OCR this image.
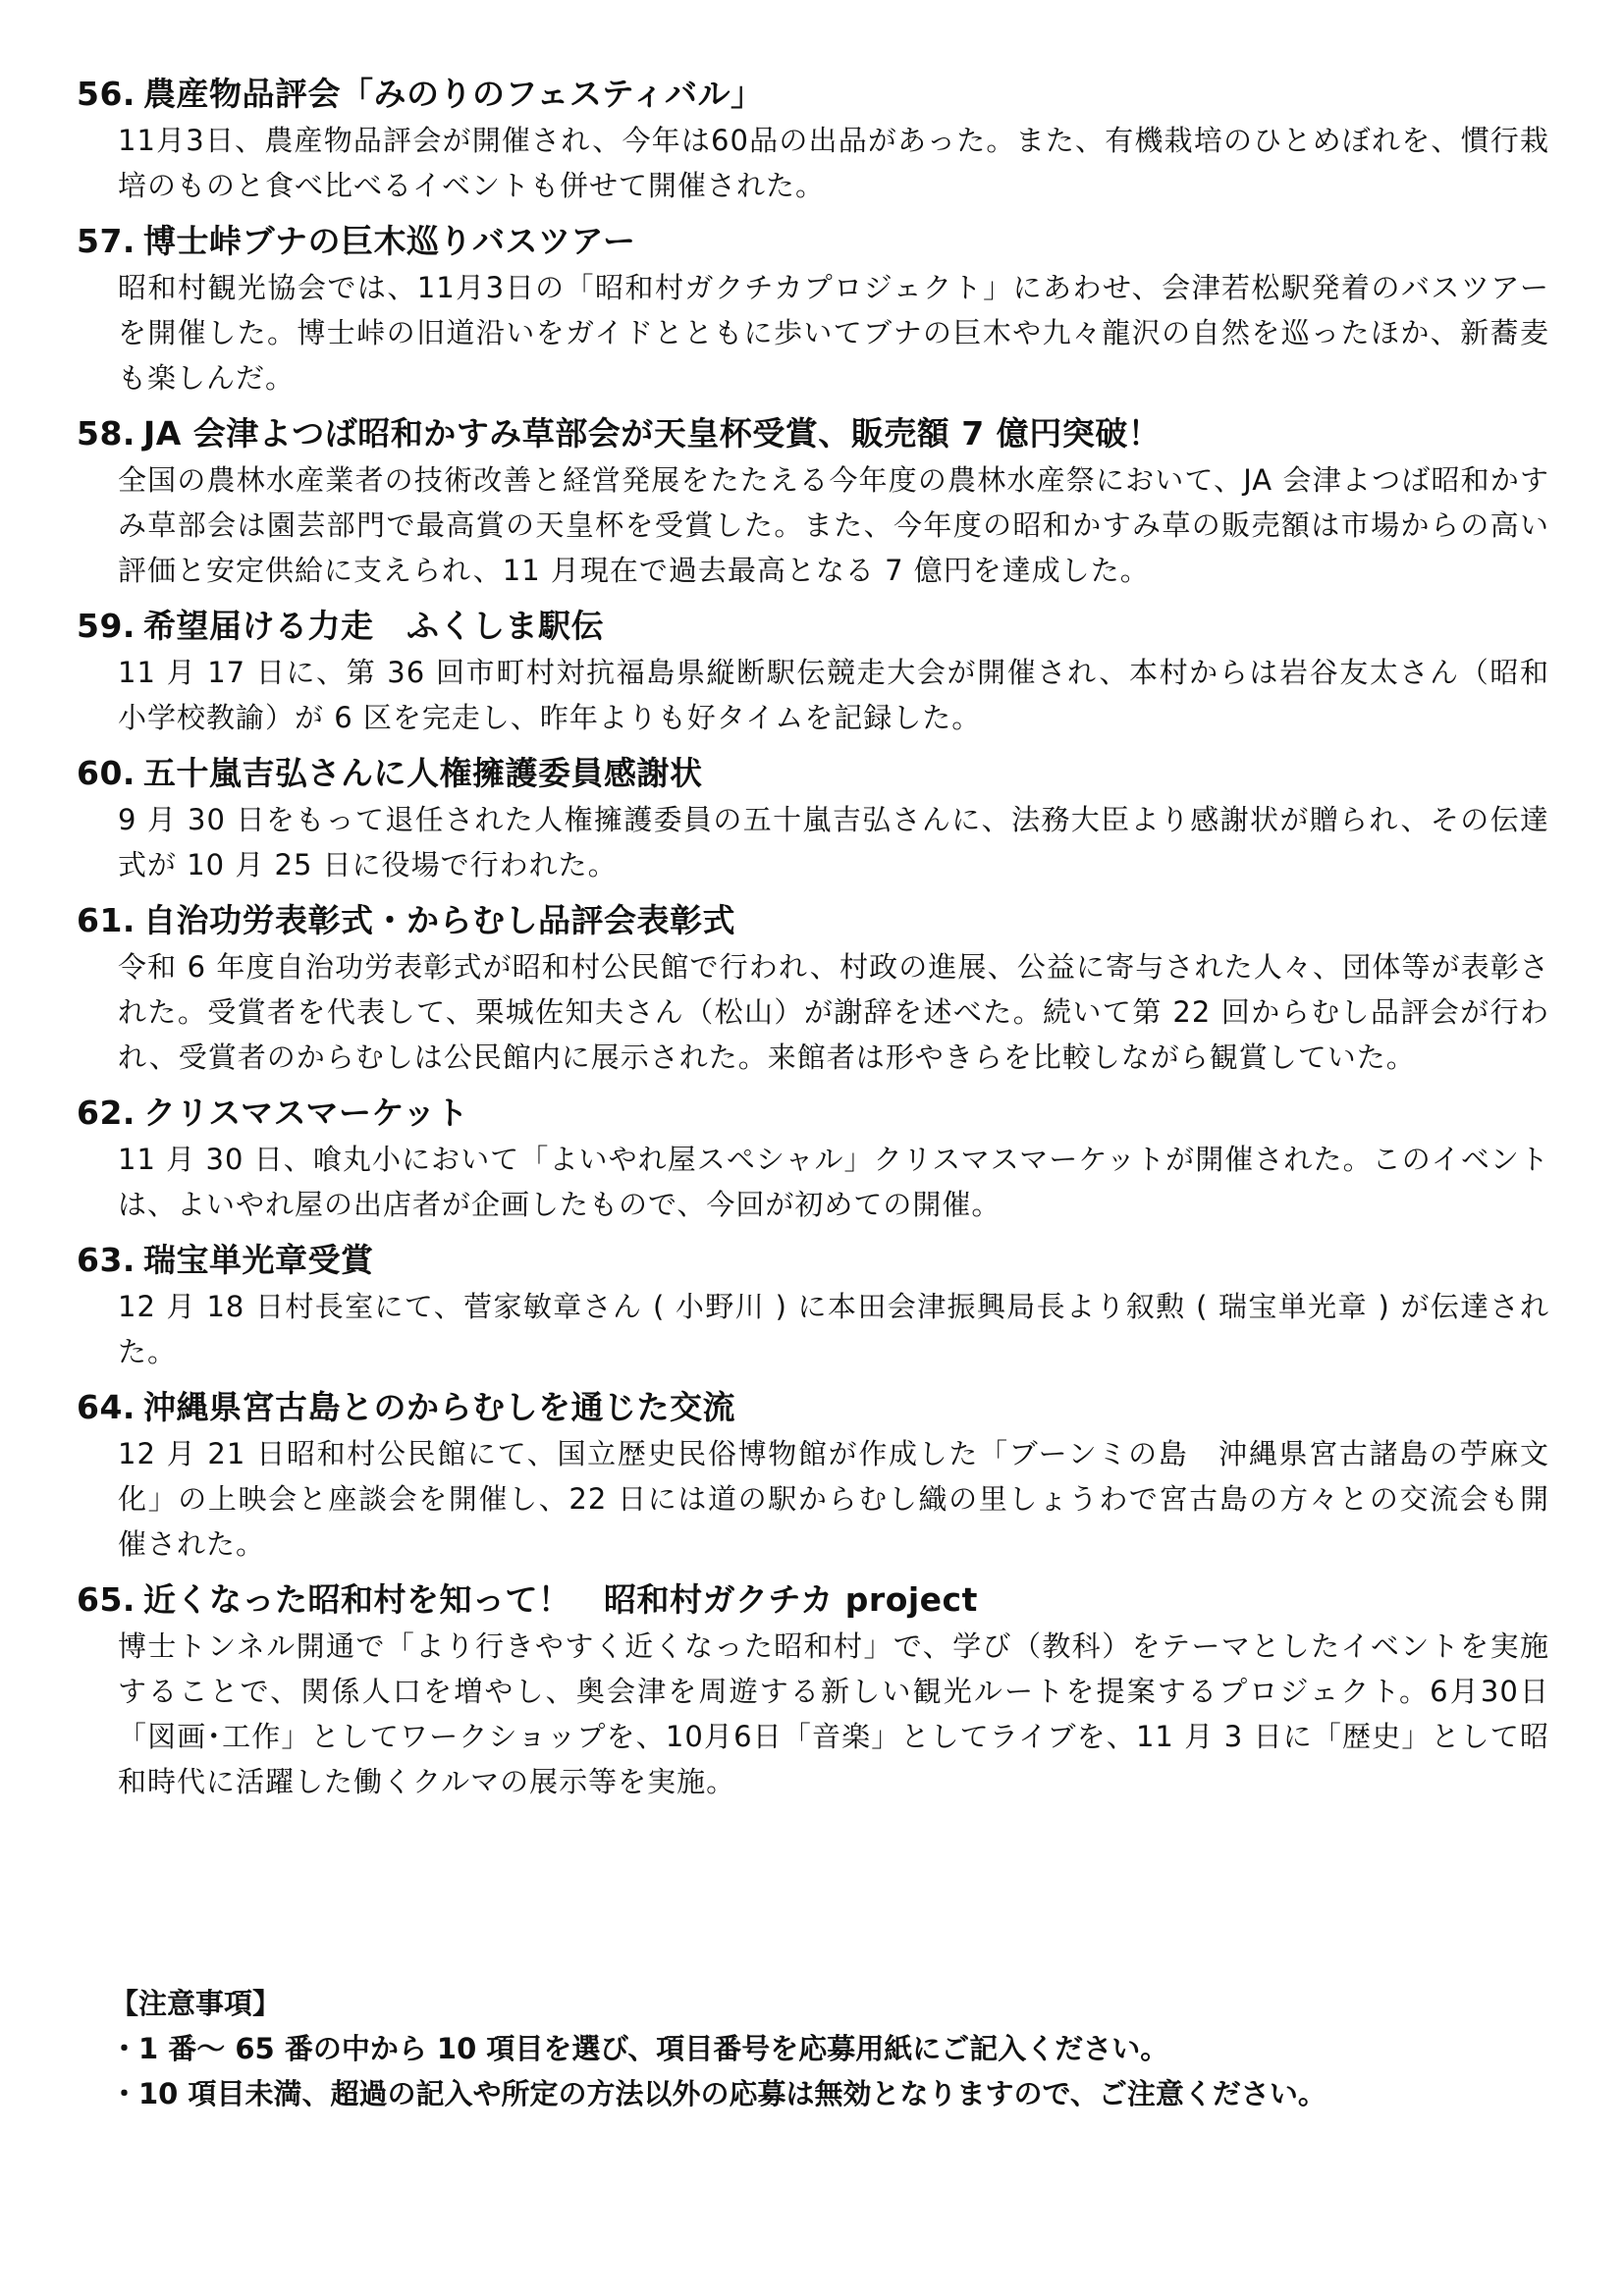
56. 農産物品評会「みのりのフェスティバル」

11月3日、農産物品評会が開催され、今年は60品の出品があった。また、有機栽培のひとめぼれを、慣行栽培のものと食べ比べるイベントも併せて開催された。

57. 博士峠ブナの巨木巡りバスツアー

昭和村観光協会では、11月3日の「昭和村ガクチカプロジェクト」にあわせ、会津若松駅発着のバスツアーを開催した。博士峠の旧道沿いをガイドとともに歩いてブナの巨木や九々龍沢の自然を巡ったほか、新蕎麦も楽しんだ。

58. JA 会津よつば昭和かすみ草部会が天皇杯受賞、販売額 7 億円突破！

全国の農林水産業者の技術改善と経営発展をたたえる今年度の農林水産祭において、JA 会津よつば昭和かすみ草部会は園芸部門で最高賞の天皇杯を受賞した。また、今年度の昭和かすみ草の販売額は市場からの高い評価と安定供給に支えられ、11 月現在で過去最高となる 7 億円を達成した。

59. 希望届ける力走　ふくしま駅伝

11 月 17 日に、第 36 回市町村対抗福島県縦断駅伝競走大会が開催され、本村からは岩谷友太さん（昭和小学校教諭）が 6 区を完走し、昨年よりも好タイムを記録した。

60. 五十嵐吉弘さんに人権擁護委員感謝状

9 月 30 日をもって退任された人権擁護委員の五十嵐吉弘さんに、法務大臣より感謝状が贈られ、その伝達式が 10 月 25 日に役場で行われた。

61. 自治功労表彰式・からむし品評会表彰式

令和 6 年度自治功労表彰式が昭和村公民館で行われ、村政の進展、公益に寄与された人々、団体等が表彰された。受賞者を代表して、栗城佐知夫さん（松山）が謝辞を述べた。続いて第 22 回からむし品評会が行われ、受賞者のからむしは公民館内に展示された。来館者は形やきらを比較しながら観賞していた。

62. クリスマスマーケット

11 月 30 日、喰丸小において「よいやれ屋スペシャル」クリスマスマーケットが開催された。このイベントは、よいやれ屋の出店者が企画したもので、今回が初めての開催。

63. 瑞宝単光章受賞

12 月 18 日村長室にて、菅家敏章さん ( 小野川 ) に本田会津振興局長より叙勲 ( 瑞宝単光章 ) が伝達された。

64. 沖縄県宮古島とのからむしを通じた交流

12 月 21 日昭和村公民館にて、国立歴史民俗博物館が作成した「ブーンミの島　沖縄県宮古諸島の苧麻文化」の上映会と座談会を開催し、22 日には道の駅からむし織の里しょうわで宮古島の方々との交流会も開催された。

65. 近くなった昭和村を知って！　昭和村ガクチカ project

博士トンネル開通で「より行きやすく近くなった昭和村」で、学び（教科）をテーマとしたイベントを実施することで、関係人口を増やし、奥会津を周遊する新しい観光ルートを提案するプロジェクト。6月30日「図画･工作」としてワークショップを、10月6日「音楽」としてライブを、11 月 3 日に「歴史」として昭和時代に活躍した働くクルマの展示等を実施。

【注意事項】

・1 番～ 65 番の中から 10 項目を選び、項目番号を応募用紙にご記入ください。

・10 項目未満、超過の記入や所定の方法以外の応募は無効となりますので、ご注意ください。
